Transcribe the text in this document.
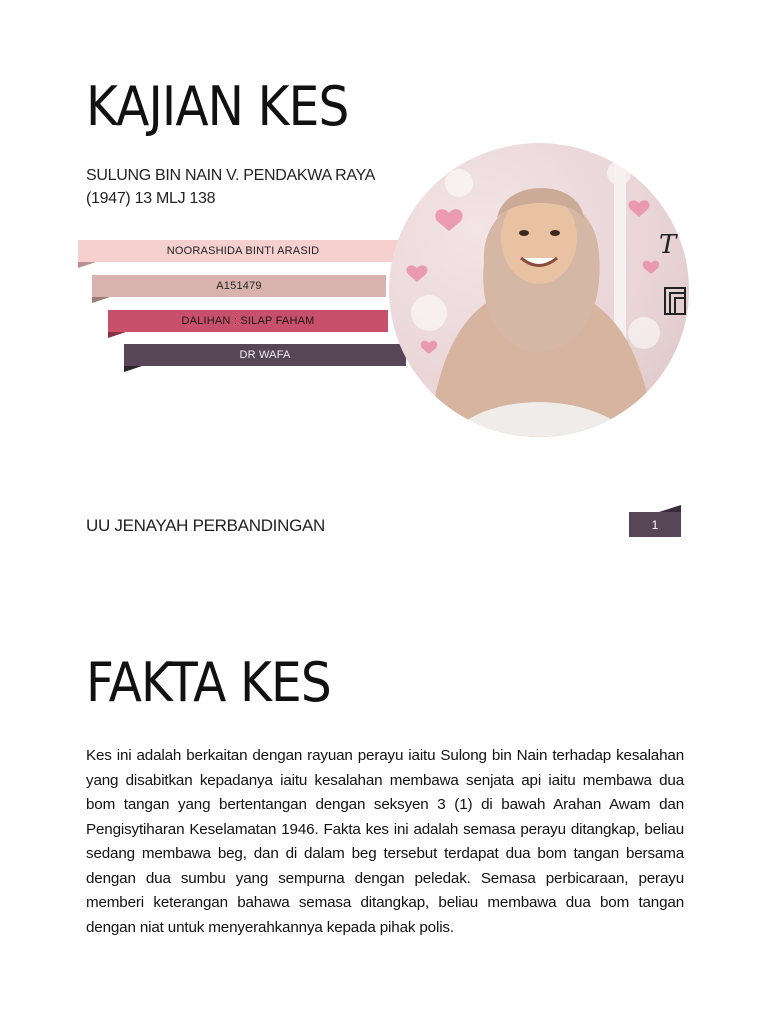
KAJIAN KES
SULUNG BIN NAIN V. PENDAKWA RAYA
(1947) 13 MLJ 138
NOORASHIDA BINTI ARASID
A151479
DALIHAN : SILAP FAHAM
DR WAFA
T
UU JENAYAH PERBANDINGAN	1
FAKTA KES
Kes ini adalah berkaitan dengan rayuan perayu iaitu Sulong bin Nain terhadap kesalahan yang disabitkan kepadanya iaitu kesalahan membawa senjata api iaitu membawa dua bom tangan yang bertentangan dengan seksyen 3 (1) di bawah Arahan Awam dan Pengisytiharan Keselamatan 1946. Fakta kes ini adalah semasa perayu ditangkap, beliau sedang membawa beg, dan di dalam beg tersebut terdapat dua bom tangan bersama dengan dua sumbu yang sempurna dengan peledak. Semasa perbicaraan, perayu memberi keterangan bahawa semasa ditangkap, beliau membawa dua bom tangan dengan niat untuk menyerahkannya kepada pihak polis.
